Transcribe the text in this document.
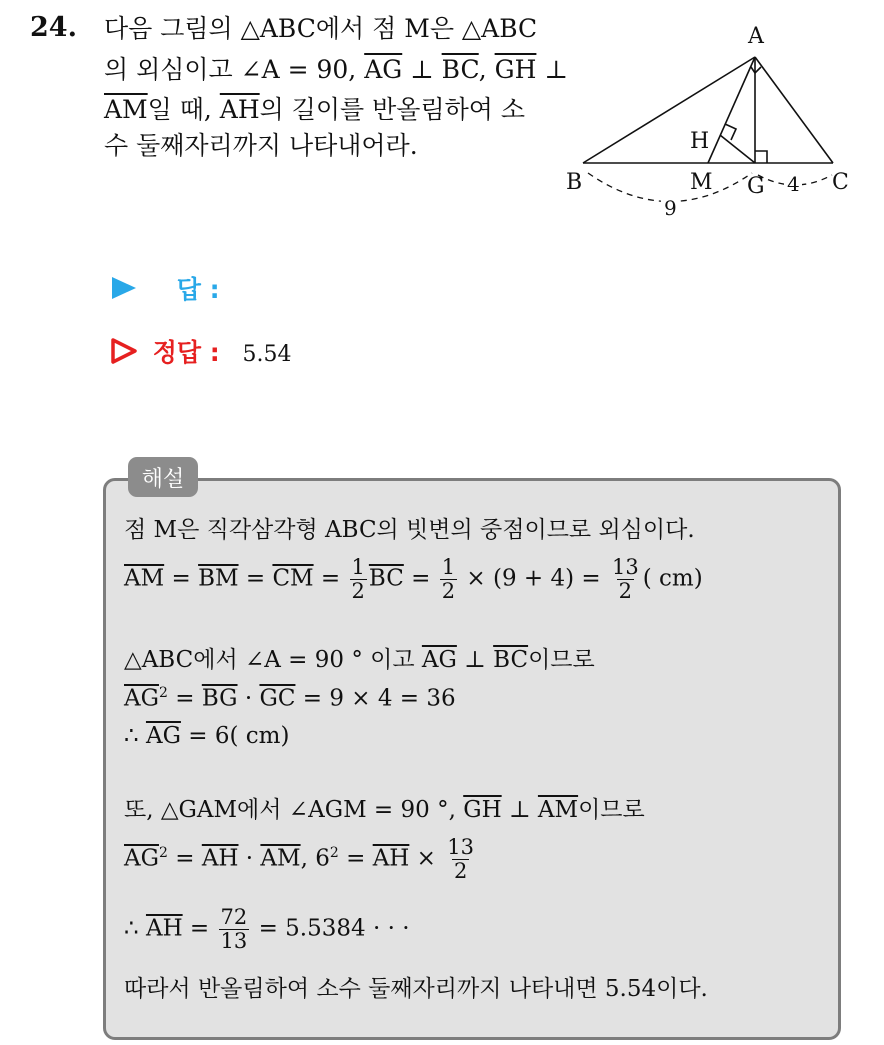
24. 다음 그림의 △ABC에서 점 M은 △ABC
의 외심이고 ∠A = 90, $\overline{AG}$ ⊥ $\overline{BC}$, $\overline{GH}$ ⊥
$\overline{AM}$일 때, $\overline{AH}$의 길이를 반올림하여 소
수 둘째자리까지 나타내어라.
A
B	C
H
M G
9
4
답 :
정답 : 5.54
해설
점 M은 직각삼각형 ABC의 빗변의 중점이므로 외심이다.
$\overline{AM} = \overline{BM} = \overline{CM} = \frac{1}{2} \overline{BC} = \frac{1}{2} \times (9 + 4) = \frac{13}{2}$ ( cm)
△ABC에서 ∠A = 90 ° 이고 $\overline{AG}$ ⊥ $\overline{BC}$이므로
$\overline{AG}^2 = \overline{BG} \cdot \overline{GC} = 9 \times 4 = 36$
∴ $\overline{AG} = 6$( cm)
또, △GAM에서 ∠AGM = 90 °, $\overline{GH}$ ⊥ $\overline{AM}$이므로
$\overline{AG}^2 = \overline{AH} \cdot \overline{AM}$, $6^2 = \overline{AH} \times \frac{13}{2}$
∴ $\overline{AH} = \frac{72}{13} = 5.5384$ · · ·
따라서 반올림하여 소수 둘째자리까지 나타내면 5.54이다.
